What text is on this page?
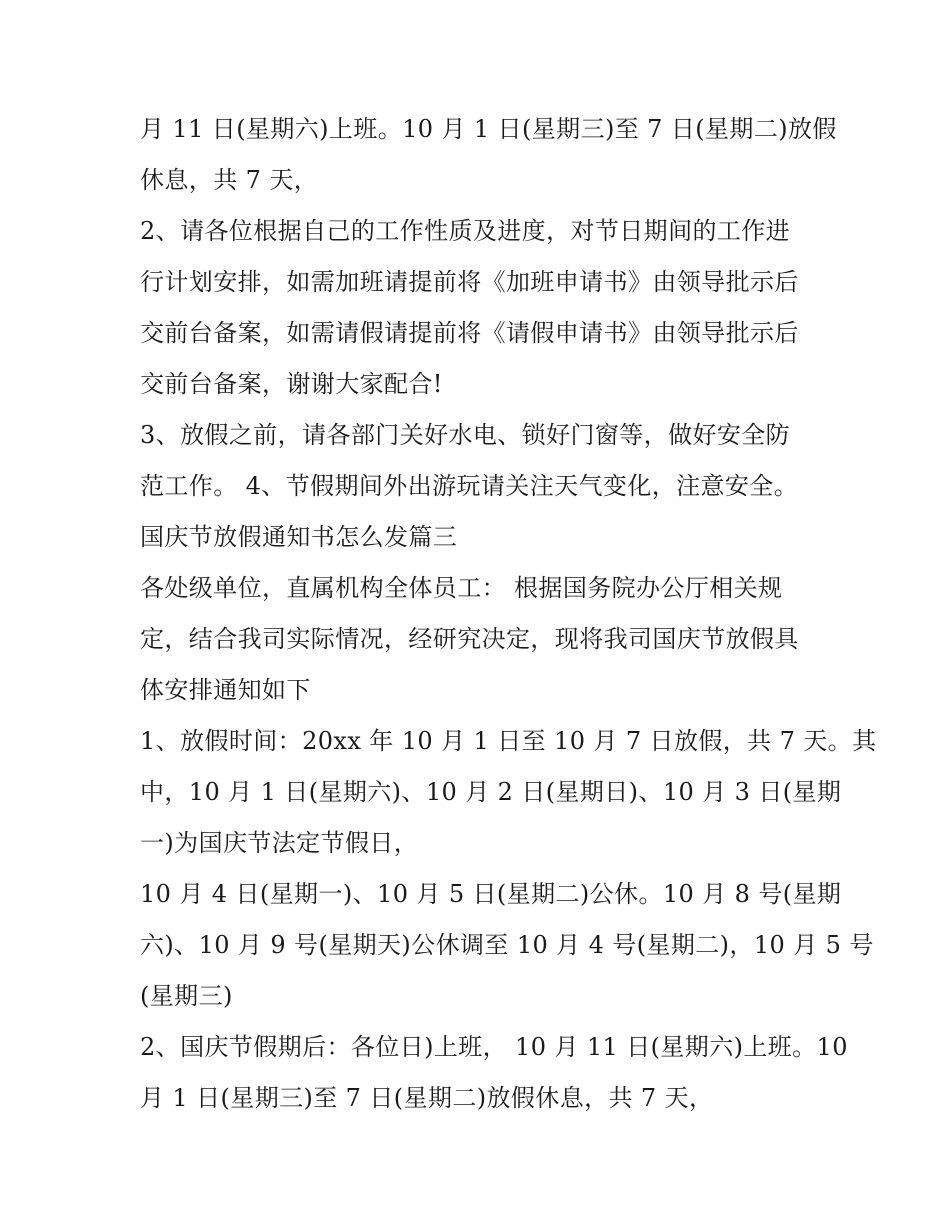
月 11 日(星期六)上班。10 月 1 日(星期三)至 7 日(星期二)放假
休息，共 7 天，
2、请各位根据自己的工作性质及进度，对节日期间的工作进
行计划安排，如需加班请提前将《加班申请书》由领导批示后
交前台备案，如需请假请提前将《请假申请书》由领导批示后
交前台备案，谢谢大家配合!
3、放假之前，请各部门关好水电、锁好门窗等，做好安全防
范工作。 4、节假期间外出游玩请关注天气变化，注意安全。
国庆节放假通知书怎么发篇三
各处级单位，直属机构全体员工： 根据国务院办公厅相关规
定，结合我司实际情况，经研究决定，现将我司国庆节放假具
体安排通知如下
1、放假时间：20xx 年 10 月 1 日至 10 月 7 日放假，共 7 天。其
中，10 月 1 日(星期六)、10 月 2 日(星期日)、10 月 3 日(星期
一)为国庆节法定节假日，
10 月 4 日(星期一)、10 月 5 日(星期二)公休。10 月 8 号(星期
六)、10 月 9 号(星期天)公休调至 10 月 4 号(星期二)，10 月 5 号
(星期三)
2、国庆节假期后：各位日)上班， 10 月 11 日(星期六)上班。10
月 1 日(星期三)至 7 日(星期二)放假休息，共 7 天，
